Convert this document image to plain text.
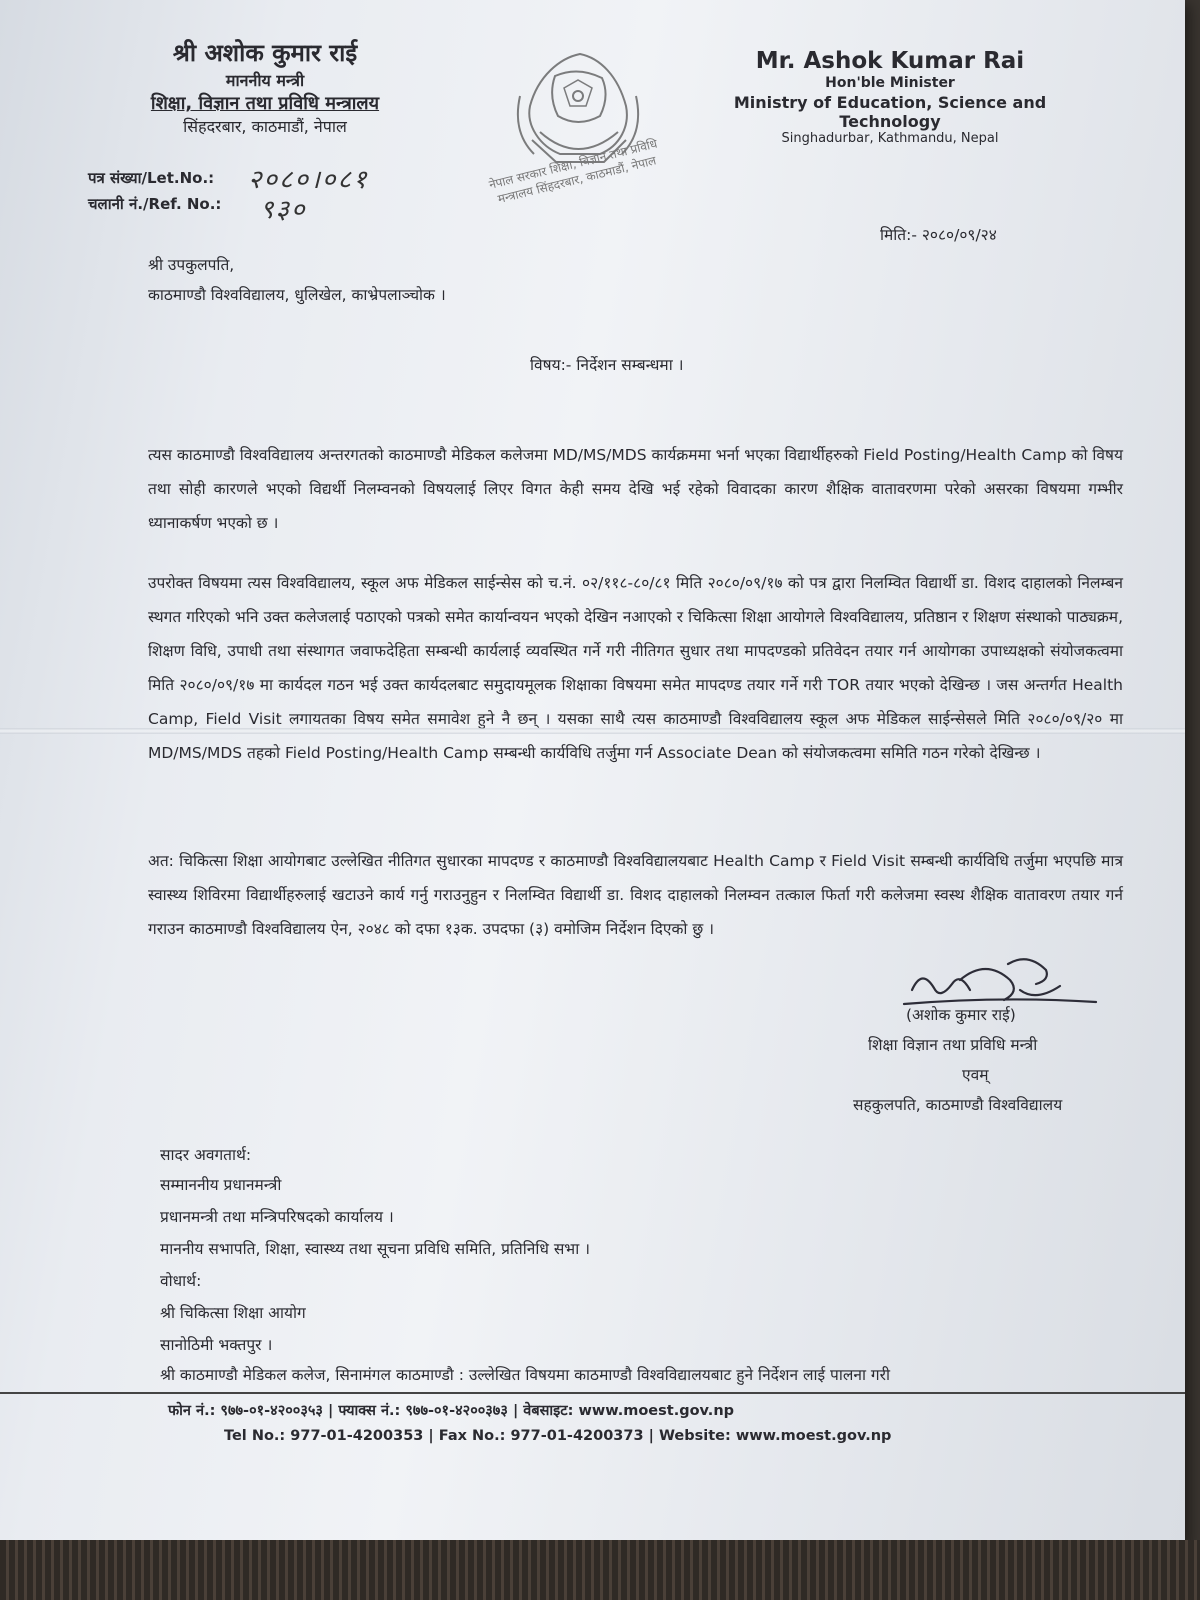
श्री अशोक कुमार राई
माननीय मन्त्री
शिक्षा, विज्ञान तथा प्रविधि मन्त्रालय
सिंहदरबार, काठमाडौं, नेपाल
नेपाल सरकार शिक्षा, विज्ञान तथा प्रविधि मन्त्रालय सिंहदरबार, काठमाडौं, नेपाल
Mr. Ashok Kumar Rai
Hon'ble Minister
Ministry of Education, Science and
Technology
Singhadurbar, Kathmandu, Nepal
पत्र संख्या/Let.No.: २०८०।०८१
चलानी नं./Ref. No.: ९३०
मिति:- २०८०/०९/२४
श्री उपकुलपति,
काठमाण्डौ विश्वविद्यालय, धुलिखेल, काभ्रेपलाञ्चोक ।
विषय:- निर्देशन सम्बन्धमा ।
त्यस काठमाण्डौ विश्वविद्यालय अन्तरगतको काठमाण्डौ मेडिकल कलेजमा MD/MS/MDS कार्यक्रममा भर्ना भएका विद्यार्थीहरुको Field Posting/Health Camp को विषय तथा सोही कारणले भएको विद्यर्थी निलम्वनको विषयलाई लिएर विगत केही समय देखि भई रहेको विवादका कारण शैक्षिक वातावरणमा परेको असरका विषयमा गम्भीर ध्यानाकर्षण भएको छ ।
उपरोक्त विषयमा त्यस विश्वविद्यालय, स्कूल अफ मेडिकल साईन्सेस को च.नं. ०२/११८-८०/८१ मिति २०८०/०९/१७ को पत्र द्वारा निलम्वित विद्यार्थी डा. विशद दाहालको निलम्बन स्थगत गरिएको भनि उक्त कलेजलाई पठाएको पत्रको समेत कार्यान्वयन भएको देखिन नआएको र चिकित्सा शिक्षा आयोगले विश्वविद्यालय, प्रतिष्ठान र शिक्षण संस्थाको पाठ्यक्रम, शिक्षण विधि, उपाधी तथा संस्थागत जवाफदेहिता सम्बन्धी कार्यलाई व्यवस्थित गर्ने गरी नीतिगत सुधार तथा मापदण्डको प्रतिवेदन तयार गर्न आयोगका उपाध्यक्षको संयोजकत्वमा मिति २०८०/०९/१७ मा कार्यदल गठन भई उक्त कार्यदलबाट समुदायमूलक शिक्षाका विषयमा समेत मापदण्ड तयार गर्ने गरी TOR तयार भएको देखिन्छ । जस अन्तर्गत Health Camp, Field Visit लगायतका विषय समेत समावेश हुने नै छन् । यसका साथै त्यस काठमाण्डौ विश्वविद्यालय स्कूल अफ मेडिकल साईन्सेसले मिति २०८०/०९/२० मा MD/MS/MDS तहको Field Posting/Health Camp सम्बन्धी कार्यविधि तर्जुमा गर्न Associate Dean को संयोजकत्वमा समिति गठन गरेको देखिन्छ ।
अत: चिकित्सा शिक्षा आयोगबाट उल्लेखित नीतिगत सुधारका मापदण्ड र काठमाण्डौ विश्वविद्यालयबाट Health Camp र Field Visit सम्बन्धी कार्यविधि तर्जुमा भएपछि मात्र स्वास्थ्य शिविरमा विद्यार्थीहरुलाई खटाउने कार्य गर्नु गराउनुहुन र निलम्वित विद्यार्थी डा. विशद दाहालको निलम्वन तत्काल फिर्ता गरी कलेजमा स्वस्थ शैक्षिक वातावरण तयार गर्न गराउन काठमाण्डौ विश्वविद्यालय ऐन, २०४८ को दफा १३क. उपदफा (३) वमोजिम निर्देशन दिएको छु ।
(अशोक कुमार राई)
शिक्षा विज्ञान तथा प्रविधि मन्त्री
एवम्
सहकुलपति, काठमाण्डौ विश्वविद्यालय
सादर अवगतार्थ:
सम्माननीय प्रधानमन्त्री
प्रधानमन्त्री तथा मन्त्रिपरिषदको कार्यालय ।
माननीय सभापति, शिक्षा, स्वास्थ्य तथा सूचना प्रविधि समिति, प्रतिनिधि सभा ।
वोधार्थ:
श्री चिकित्सा शिक्षा आयोग
सानोठिमी भक्तपुर ।
श्री काठमाण्डौ मेडिकल कलेज, सिनामंगल काठमाण्डौ : उल्लेखित विषयमा काठमाण्डौ विश्वविद्यालयबाट हुने निर्देशन लाई पालना गरी
फोन नं.: ९७७-०१-४२००३५३ | फ्याक्स नं.: ९७७-०१-४२००३७३ | वेबसाइट: www.moest.gov.np
Tel No.: 977-01-4200353 | Fax No.: 977-01-4200373 | Website: www.moest.gov.np
